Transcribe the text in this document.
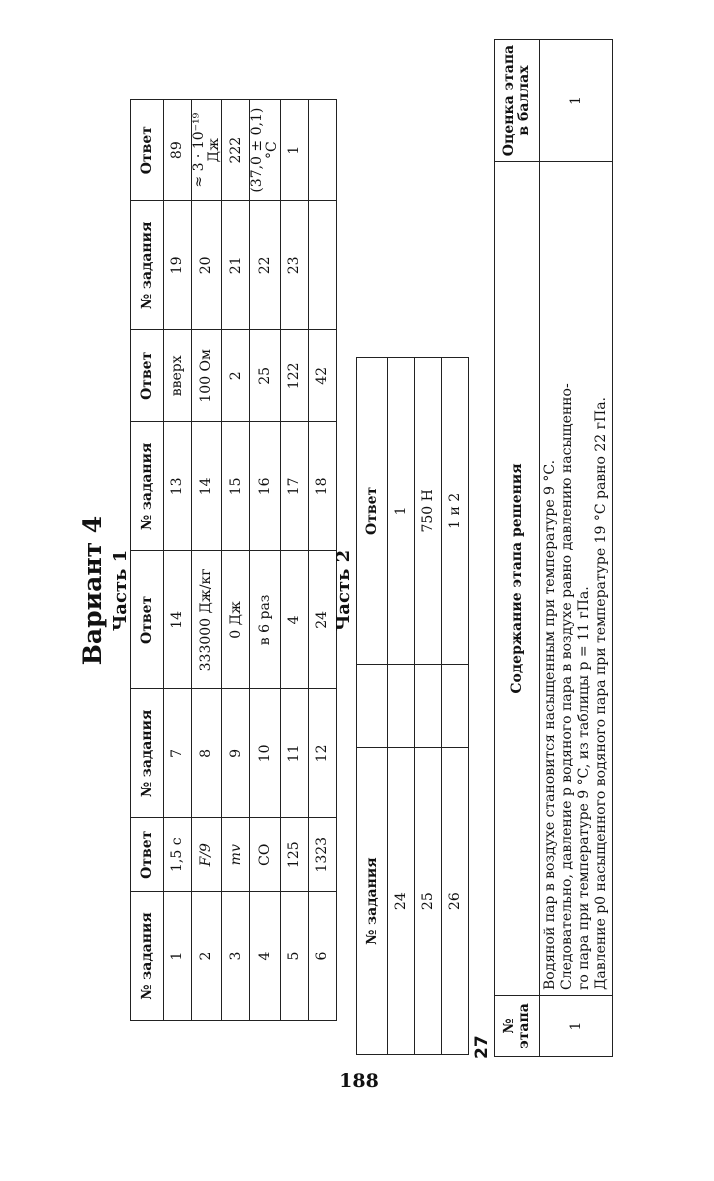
Вариант 4 Часть 1
№ задания	Ответ	№ задания	Ответ	№ задания	Ответ	№ задания	Ответ
1	1,5 с	7	14	13	вверх	19	89
2	F/9	8	333000 Дж/кг	14	100 Ом	20	≈ 3 · 10⁻¹⁹ Дж
3	mv	9	0 Дж	15	2	21	222
4	CO	10	в 6 раз	16	25	22	(37,0 ± 0,1) °C
5	125	11	4	17	122	23	1
6	1323	12	24	18	42		
Часть 2
№ задания		Ответ
24		1
25		750 Н
26		1 и 2
27
№ этапа	Содержание этапа решения	Оценка этапа в баллах
1	Водяной пар в воздухе становится насыщенным при температуре 9 °C. Следовательно, давление p водяного пара в воздухе равно давлению насыщенно- го пара при температуре 9 °C, из таблицы p = 11 гПа. Давление p0 насыщенного водяного пара при температуре 19 °C равно 22 гПа.	1
188
